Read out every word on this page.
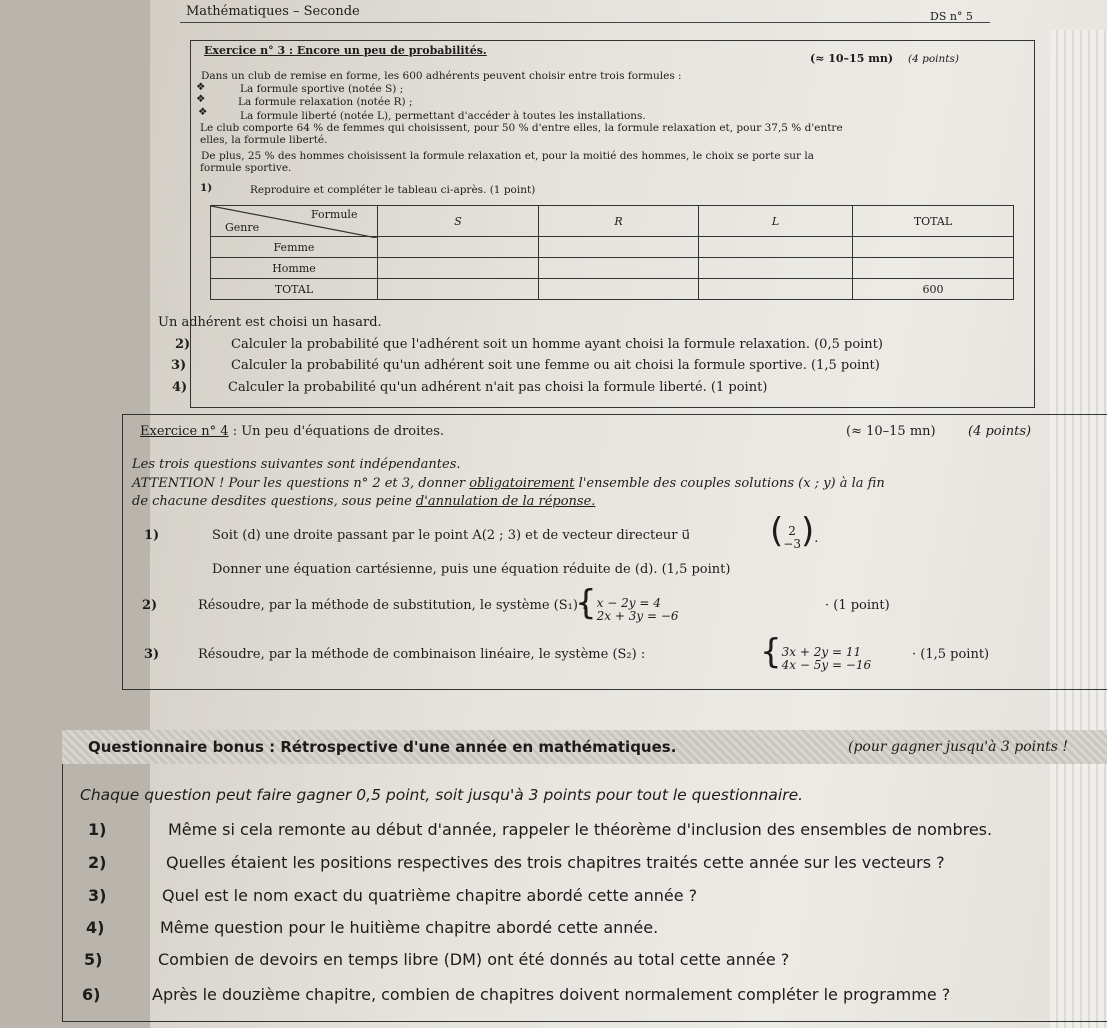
Mathématiques – Seconde	DS n° 5
Exercice n° 3 : Encore un peu de probabilités.
(≈ 10–15 mn) (4 points)
Dans un club de remise en forme, les 600 adhérents peuvent choisir entre trois formules :
❖	La formule sportive (notée S) ;
❖	La formule relaxation (notée R) ;
❖	La formule liberté (notée L), permettant d'accéder à toutes les installations.
Le club comporte 64 % de femmes qui choisissent, pour 50 % d'entre elles, la formule relaxation et, pour 37,5 % d'entre
elles, la formule liberté.
De plus, 25 % des hommes choisissent la formule relaxation et, pour la moitié des hommes, le choix se porte sur la
formule sportive.
1)	Reproduire et compléter le tableau ci-après. (1 point)
Formule
Genre	S	R	L	TOTAL
Femme				
Homme				
TOTAL				600
Un adhérent est choisi un hasard.
2)	Calculer la probabilité que l'adhérent soit un homme ayant choisi la formule relaxation. (0,5 point)
3)	Calculer la probabilité qu'un adhérent soit une femme ou ait choisi la formule sportive. (1,5 point)
4)	Calculer la probabilité qu'un adhérent n'ait pas choisi la formule liberté. (1 point)
Exercice n° 4 : Un peu d'équations de droites.	(≈ 10–15 mn) (4 points)
Les trois questions suivantes sont indépendantes.
ATTENTION ! Pour les questions n° 2 et 3, donner obligatoirement l'ensemble des couples solutions (x ; y) à la fin
de chacune desdites questions, sous peine d'annulation de la réponse.
1)	Soit (d) une droite passant par le point A(2 ; 3) et de vecteur directeur u⃗ ( 2
−3).
Donner une équation cartésienne, puis une équation réduite de (d). (1,5 point)
2)	Résoudre, par la méthode de substitution, le système (S₁) :
{x − 2y = 4
2x + 3y = −6
· (1 point)
3)	Résoudre, par la méthode de combinaison linéaire, le système (S₂) :	{3x + 2y = 11
4x − 5y = −16
· (1,5 point)
Questionnaire bonus : Rétrospective d'une année en mathématiques.	(pour gagner jusqu'à 3 points !
Chaque question peut faire gagner 0,5 point, soit jusqu'à 3 points pour tout le questionnaire.
1)	Même si cela remonte au début d'année, rappeler le théorème d'inclusion des ensembles de nombres.
2)	Quelles étaient les positions respectives des trois chapitres traités cette année sur les vecteurs ?
3)	Quel est le nom exact du quatrième chapitre abordé cette année ?
4)	Même question pour le huitième chapitre abordé cette année.
5)	Combien de devoirs en temps libre (DM) ont été donnés au total cette année ?
6)	Après le douzième chapitre, combien de chapitres doivent normalement compléter le programme ?
